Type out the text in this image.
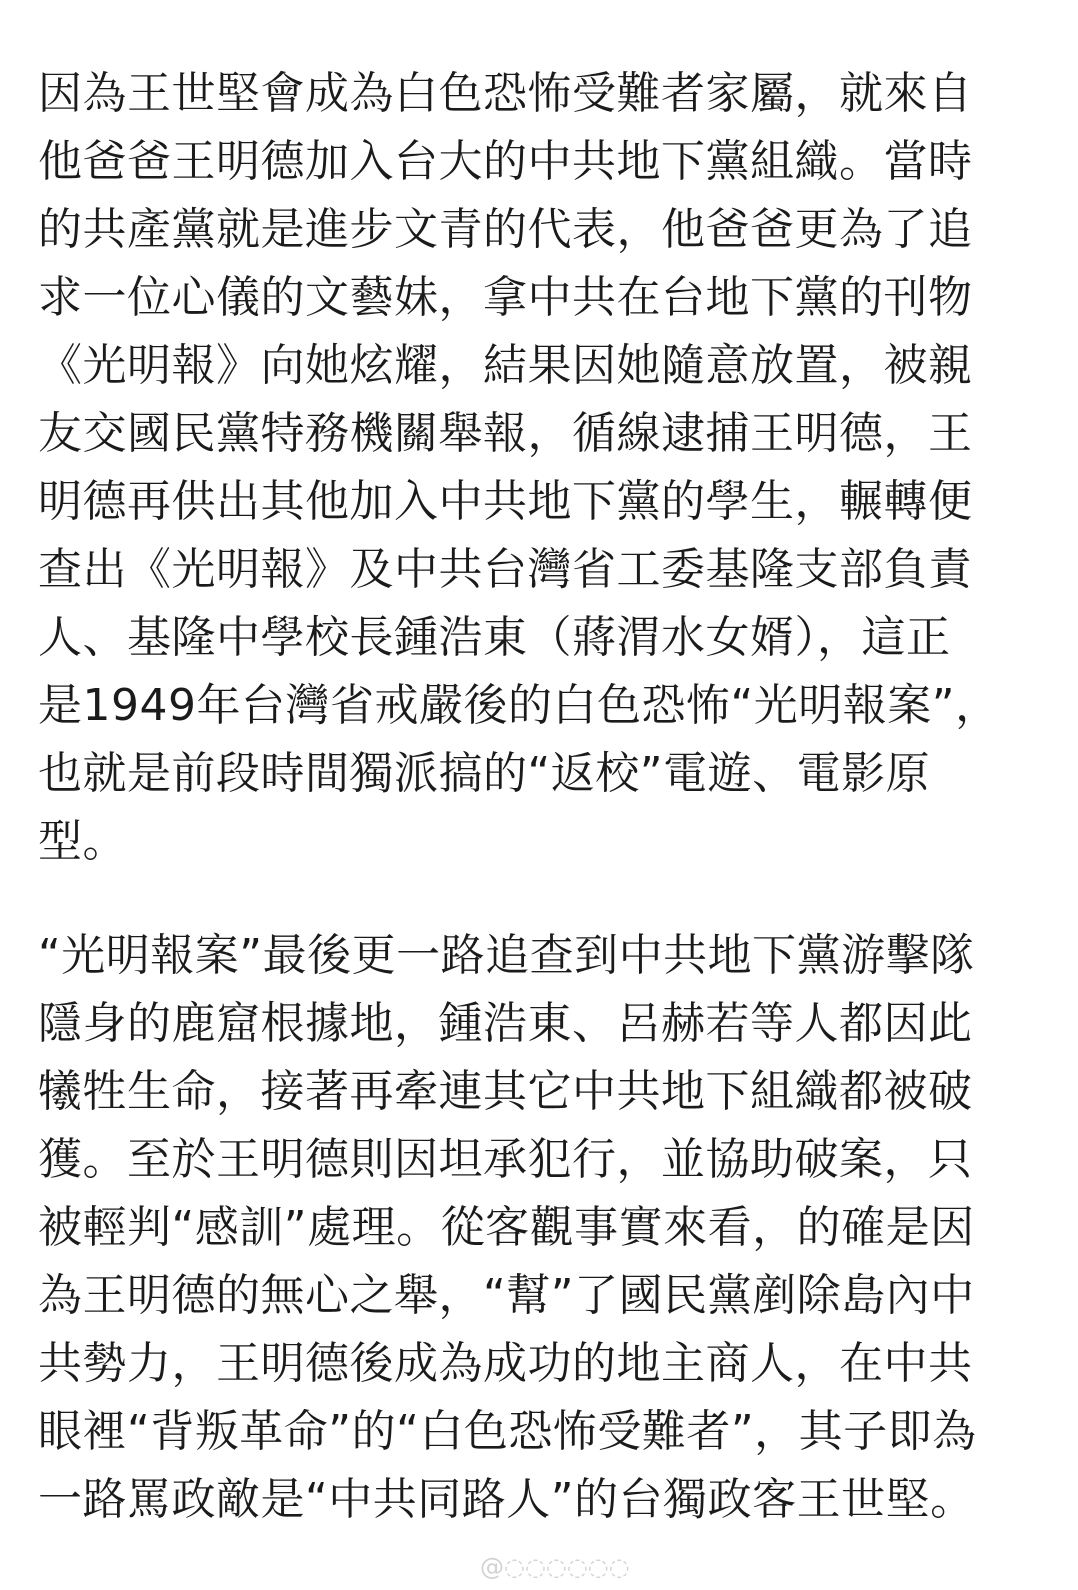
因為王世堅會成為白色恐怖受難者家屬，就來自
他爸爸王明德加入台大的中共地下黨組織。當時
的共產黨就是進步文青的代表，他爸爸更為了追
求一位心儀的文藝妹，拿中共在台地下黨的刊物
《光明報》向她炫耀，結果因她隨意放置，被親
友交國民黨特務機關舉報，循線逮捕王明德，王
明德再供出其他加入中共地下黨的學生，輾轉便
查出《光明報》及中共台灣省工委基隆支部負責
人、基隆中學校長鍾浩東（蔣渭水女婿），這正
是1949年台灣省戒嚴後的白色恐怖“光明報案”，
也就是前段時間獨派搞的“返校”電遊、電影原
型。

“光明報案”最後更一路追查到中共地下黨游擊隊
隱身的鹿窟根據地，鍾浩東、呂赫若等人都因此
犧牲生命，接著再牽連其它中共地下組織都被破
獲。至於王明德則因坦承犯行，並協助破案，只
被輕判“感訓”處理。從客觀事實來看，的確是因
為王明德的無心之舉，“幫”了國民黨剷除島內中
共勢力，王明德後成為成功的地主商人，在中共
眼裡“背叛革命”的“白色恐怖受難者”，其子即為
一路罵政敵是“中共同路人”的台獨政客王世堅。

@◌◌◌◌◌◌
